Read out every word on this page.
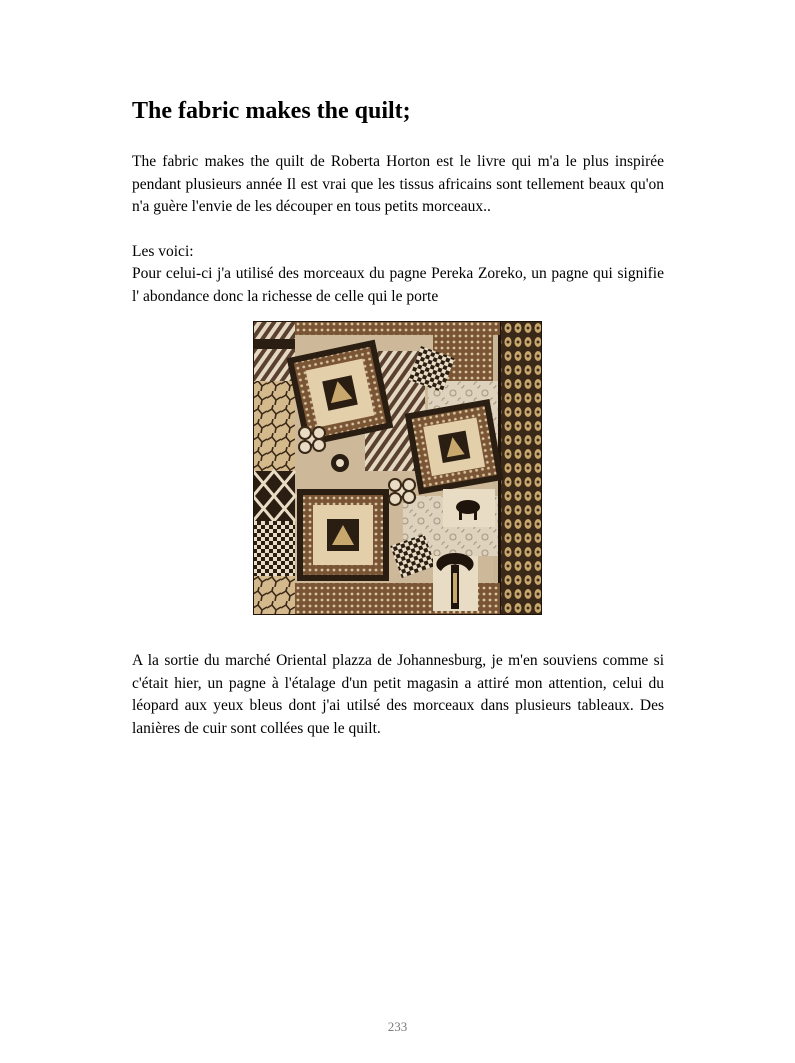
The fabric makes the quilt;

The fabric makes the quilt de Roberta Horton est le livre qui m'a le plus inspirée pendant plusieurs année Il est vrai que les tissus africains sont tellement beaux qu'on n'a guère l'envie de les découper en tous petits morceaux..

Les voici:

Pour celui-ci j'a utilisé des morceaux du pagne Pereka Zoreko, un pagne qui signifie l' abondance donc la richesse de celle qui le porte

A la sortie du marché Oriental plazza de Johannesburg, je m'en souviens comme si c'était hier, un pagne à l'étalage d'un petit magasin a attiré mon attention, celui du léopard aux yeux bleus dont j'ai utilsé des morceaux dans plusieurs tableaux. Des lanières de cuir sont collées que le quilt.

233
